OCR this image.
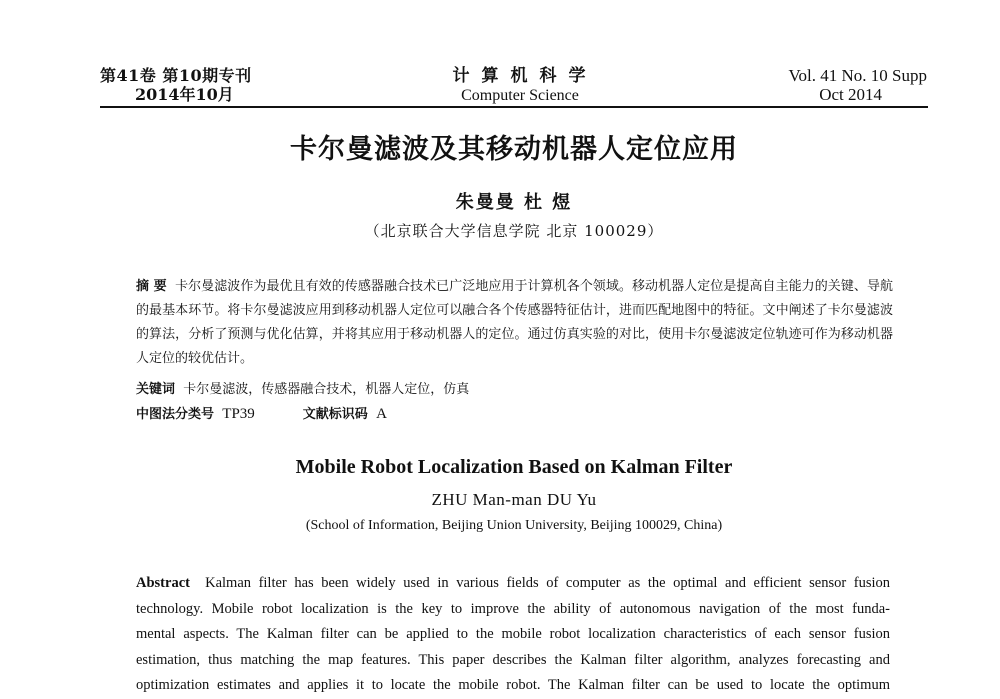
第41卷 第10期专刊
2014年10月
计算机科学
Computer Science
Vol. 41 No. 10 Supp
Oct 2014
卡尔曼滤波及其移动机器人定位应用
朱曼曼 杜 煜
（北京联合大学信息学院 北京 100029）

摘 要 卡尔曼滤波作为最优且有效的传感器融合技术已广泛地应用于计算机各个领域。移动机器人定位是提高自主能力的关键、导航的最基本环节。将卡尔曼滤波应用到移动机器人定位可以融合各个传感器特征估计，进而匹配地图中的特征。文中阐述了卡尔曼滤波的算法，分析了预测与优化估算，并将其应用于移动机器人的定位。通过仿真实验的对比，使用卡尔曼滤波定位轨迹可作为移动机器人定位的较优估计。

关键词 卡尔曼滤波，传感器融合技术，机器人定位，仿真
中图法分类号 TP39	文献标识码 A
Mobile Robot Localization Based on Kalman Filter
ZHU Man-man DU Yu
(School of Information, Beijing Union University, Beijing 100029, China)
Abstract Kalman filter has been widely used in various fields of computer as the optimal and efficient sensor fusion
technology. Mobile robot localization is the key to improve the ability of autonomous navigation of the most funda-
mental aspects. The Kalman filter can be applied to the mobile robot localization characteristics of each sensor fusion
estimation, thus matching the map features. This paper describes the Kalman filter algorithm, analyzes forecasting and
optimization estimates and applies it to locate the mobile robot. The Kalman filter can be used to locate the optimum
